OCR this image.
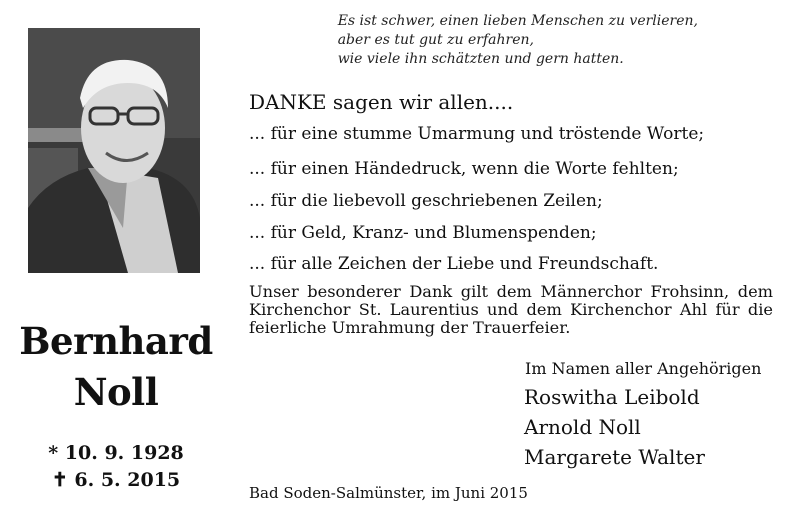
Es ist schwer, einen lieben Menschen zu verlieren,
aber es tut gut zu erfahren,
wie viele ihn schätzten und gern hatten.
Bernhard
Noll
* 10. 9. 1928
✝ 6. 5. 2015
DANKE sagen wir allen....
... für eine stumme Umarmung und tröstende Worte;
... für einen Händedruck, wenn die Worte fehlten;
... für die liebevoll geschriebenen Zeilen;
... für Geld, Kranz- und Blumenspenden;
... für alle Zeichen der Liebe und Freundschaft.
Unser besonderer Dank gilt dem Männerchor Frohsinn, dem
Kirchenchor St. Laurentius und dem Kirchenchor Ahl für die
feierliche Umrahmung der Trauerfeier.
Im Namen aller Angehörigen
Roswitha Leibold
Arnold Noll
Margarete Walter
Bad Soden-Salmünster, im Juni 2015
